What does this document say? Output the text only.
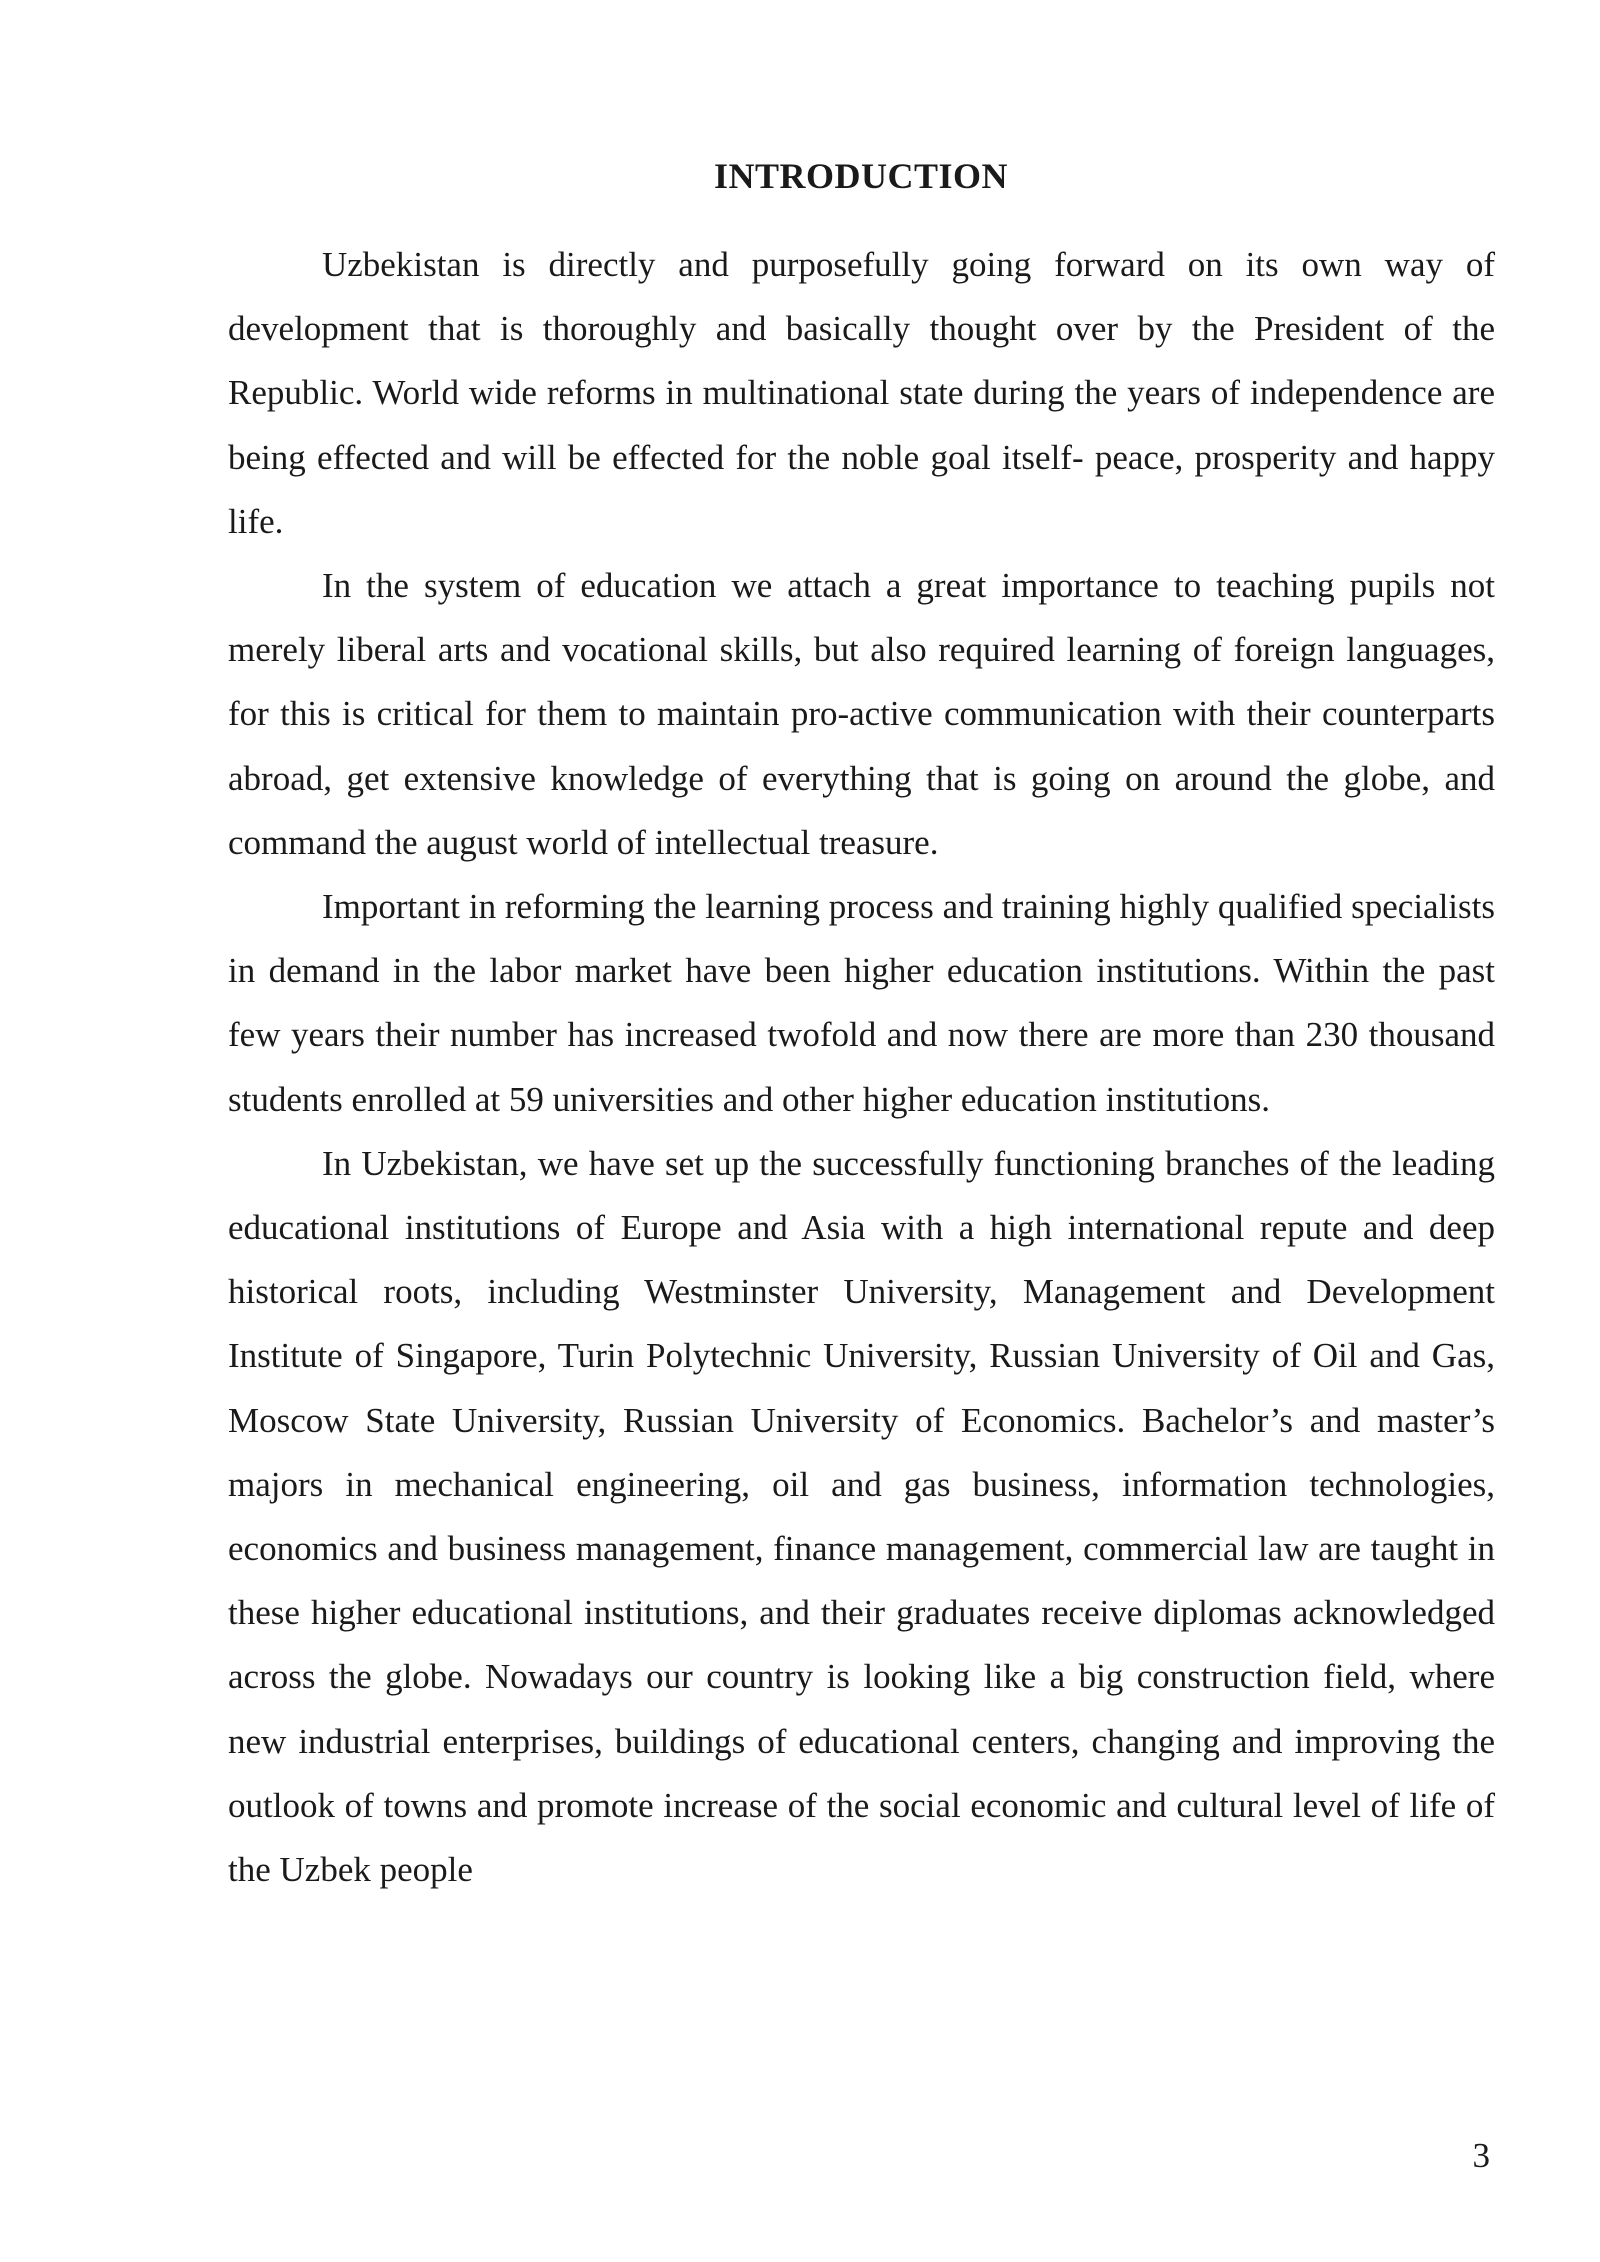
INTRODUCTION

Uzbekistan is directly and purposefully going forward on its own way of development that is thoroughly and basically thought over by the President of the Republic. World wide reforms in multinational state during the years of independence are being effected and will be effected for the noble goal itself- peace, prosperity and happy life.

In the system of education we attach a great importance to teaching pupils not merely liberal arts and vocational skills, but also required learning of foreign languages, for this is critical for them to maintain pro-active communication with their counterparts abroad, get extensive knowledge of everything that is going on around the globe, and command the august world of intellectual treasure.

Important in reforming the learning process and training highly qualified specialists in demand in the labor market have been higher education institutions. Within the past few years their number has increased twofold and now there are more than 230 thousand students enrolled at 59 universities and other higher education institutions.

In Uzbekistan, we have set up the successfully functioning branches of the leading educational institutions of Europe and Asia with a high international repute and deep historical roots, including Westminster University, Management and Development Institute of Singapore, Turin Polytechnic University, Russian University of Oil and Gas, Moscow State University, Russian University of Economics. Bachelor’s and master’s majors in mechanical engineering, oil and gas business, information technologies, economics and business management, finance management, commercial law are taught in these higher educational institutions, and their graduates receive diplomas acknowledged across the globe. Nowadays our country is looking like a big construction field, where new industrial enterprises, buildings of educational centers, changing and improving the outlook of towns and promote increase of the social economic and cultural level of life of the Uzbek people

3
